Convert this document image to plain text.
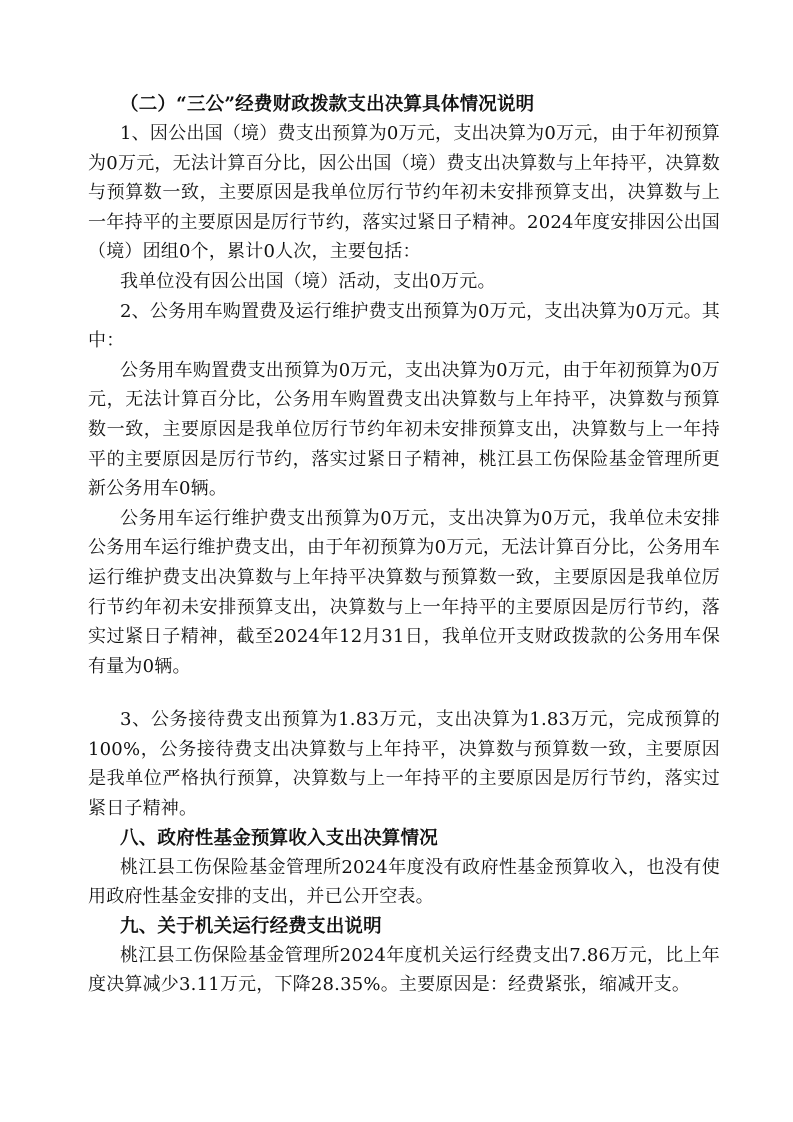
（二）“三公”经费财政拨款支出决算具体情况说明

1、因公出国（境）费支出预算为0万元，支出决算为0万元，由于年初预算为0万元，无法计算百分比，因公出国（境）费支出决算数与上年持平，决算数与预算数一致，主要原因是我单位厉行节约年初未安排预算支出，决算数与上一年持平的主要原因是厉行节约，落实过紧日子精神。2024年度安排因公出国（境）团组0个，累计0人次，主要包括：

我单位没有因公出国（境）活动，支出0万元。

2、公务用车购置费及运行维护费支出预算为0万元，支出决算为0万元。其中：

公务用车购置费支出预算为0万元，支出决算为0万元，由于年初预算为0万元，无法计算百分比，公务用车购置费支出决算数与上年持平，决算数与预算数一致，主要原因是我单位厉行节约年初未安排预算支出，决算数与上一年持平的主要原因是厉行节约，落实过紧日子精神，桃江县工伤保险基金管理所更新公务用车0辆。

公务用车运行维护费支出预算为0万元，支出决算为0万元，我单位未安排公务用车运行维护费支出，由于年初预算为0万元，无法计算百分比，公务用车运行维护费支出决算数与上年持平决算数与预算数一致，主要原因是我单位厉行节约年初未安排预算支出，决算数与上一年持平的主要原因是厉行节约，落实过紧日子精神，截至2024年12月31日，我单位开支财政拨款的公务用车保有量为0辆。

3、公务接待费支出预算为1.83万元，支出决算为1.83万元，完成预算的100%，公务接待费支出决算数与上年持平，决算数与预算数一致，主要原因是我单位严格执行预算，决算数与上一年持平的主要原因是厉行节约，落实过紧日子精神。

八、政府性基金预算收入支出决算情况

桃江县工伤保险基金管理所2024年度没有政府性基金预算收入，也没有使用政府性基金安排的支出，并已公开空表。

九、关于机关运行经费支出说明

桃江县工伤保险基金管理所2024年度机关运行经费支出7.86万元，比上年度决算减少3.11万元，下降28.35%。主要原因是：经费紧张，缩减开支。
